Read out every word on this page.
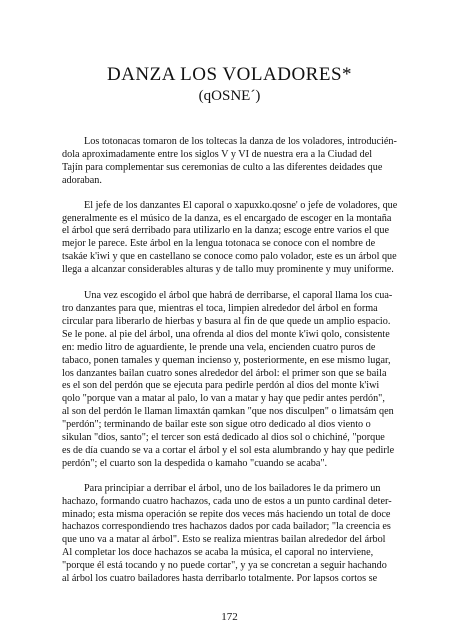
DANZA LOS VOLADORES*
(qOSNE´)

Los totonacas tomaron de los toltecas la danza de los voladores, introducién-
dola aproximadamente entre los siglos V y VI de nuestra era a la Ciudad del
Tajín para complementar sus ceremonias de culto a las diferentes deidades que
adoraban.

El jefe de los danzantes El caporal o xapuxko.qosne' o jefe de voladores, que
generalmente es el músico de la danza, es el encargado de escoger en la montaña
el árbol que será derribado para utilizarlo en la danza; escoge entre varios el que
mejor le parece. Este árbol en la lengua totonaca se conoce con el nombre de
tsakáe k'iwi y que en castellano se conoce como palo volador, este es un árbol que
llega a alcanzar considerables alturas y de tallo muy prominente y muy uniforme.

Una vez escogido el árbol que habrá de derribarse, el caporal llama los cua-
tro danzantes para que, mientras el toca, limpien alrededor del árbol en forma
circular para liberarlo de hierbas y basura al fin de que quede un amplio espacio.
Se le pone. al pie del árbol, una ofrenda al dios del monte k'iwi qolo, consistente
en: medio litro de aguardiente, le prende una vela, encienden cuatro puros de
tabaco, ponen tamales y queman incienso y, posteriormente, en ese mismo lugar,
los danzantes bailan cuatro sones alrededor del árbol: el primer son que se baila
es el son del perdón que se ejecuta para pedirle perdón al dios del monte k'iwi
qolo "porque van a matar al palo, lo van a matar y hay que pedir antes perdón",
al son del perdón le llaman limaxtán qamkan "que nos disculpen" o limatsám qen
"perdón"; terminando de bailar este son sigue otro dedicado al dios viento o
sikulan "dios, santo"; el tercer son está dedicado al dios sol o chichiné, "porque
es de día cuando se va a cortar el árbol y el sol esta alumbrando y hay que pedirle
perdón"; el cuarto son la despedida o kamaho "cuando se acaba".

Para principiar a derribar el árbol, uno de los bailadores le da primero un
hachazo, formando cuatro hachazos, cada uno de estos a un punto cardinal deter-
minado; esta misma operación se repite dos veces más haciendo un total de doce
hachazos correspondiendo tres hachazos dados por cada bailador; "la creencia es
que uno va a matar al árbol". Esto se realiza mientras bailan alrededor del árbol
Al completar los doce hachazos se acaba la música, el caporal no interviene,
"porque él está tocando y no puede cortar", y ya se concretan a seguir hachando
al árbol los cuatro bailadores hasta derribarlo totalmente. Por lapsos cortos se

172
